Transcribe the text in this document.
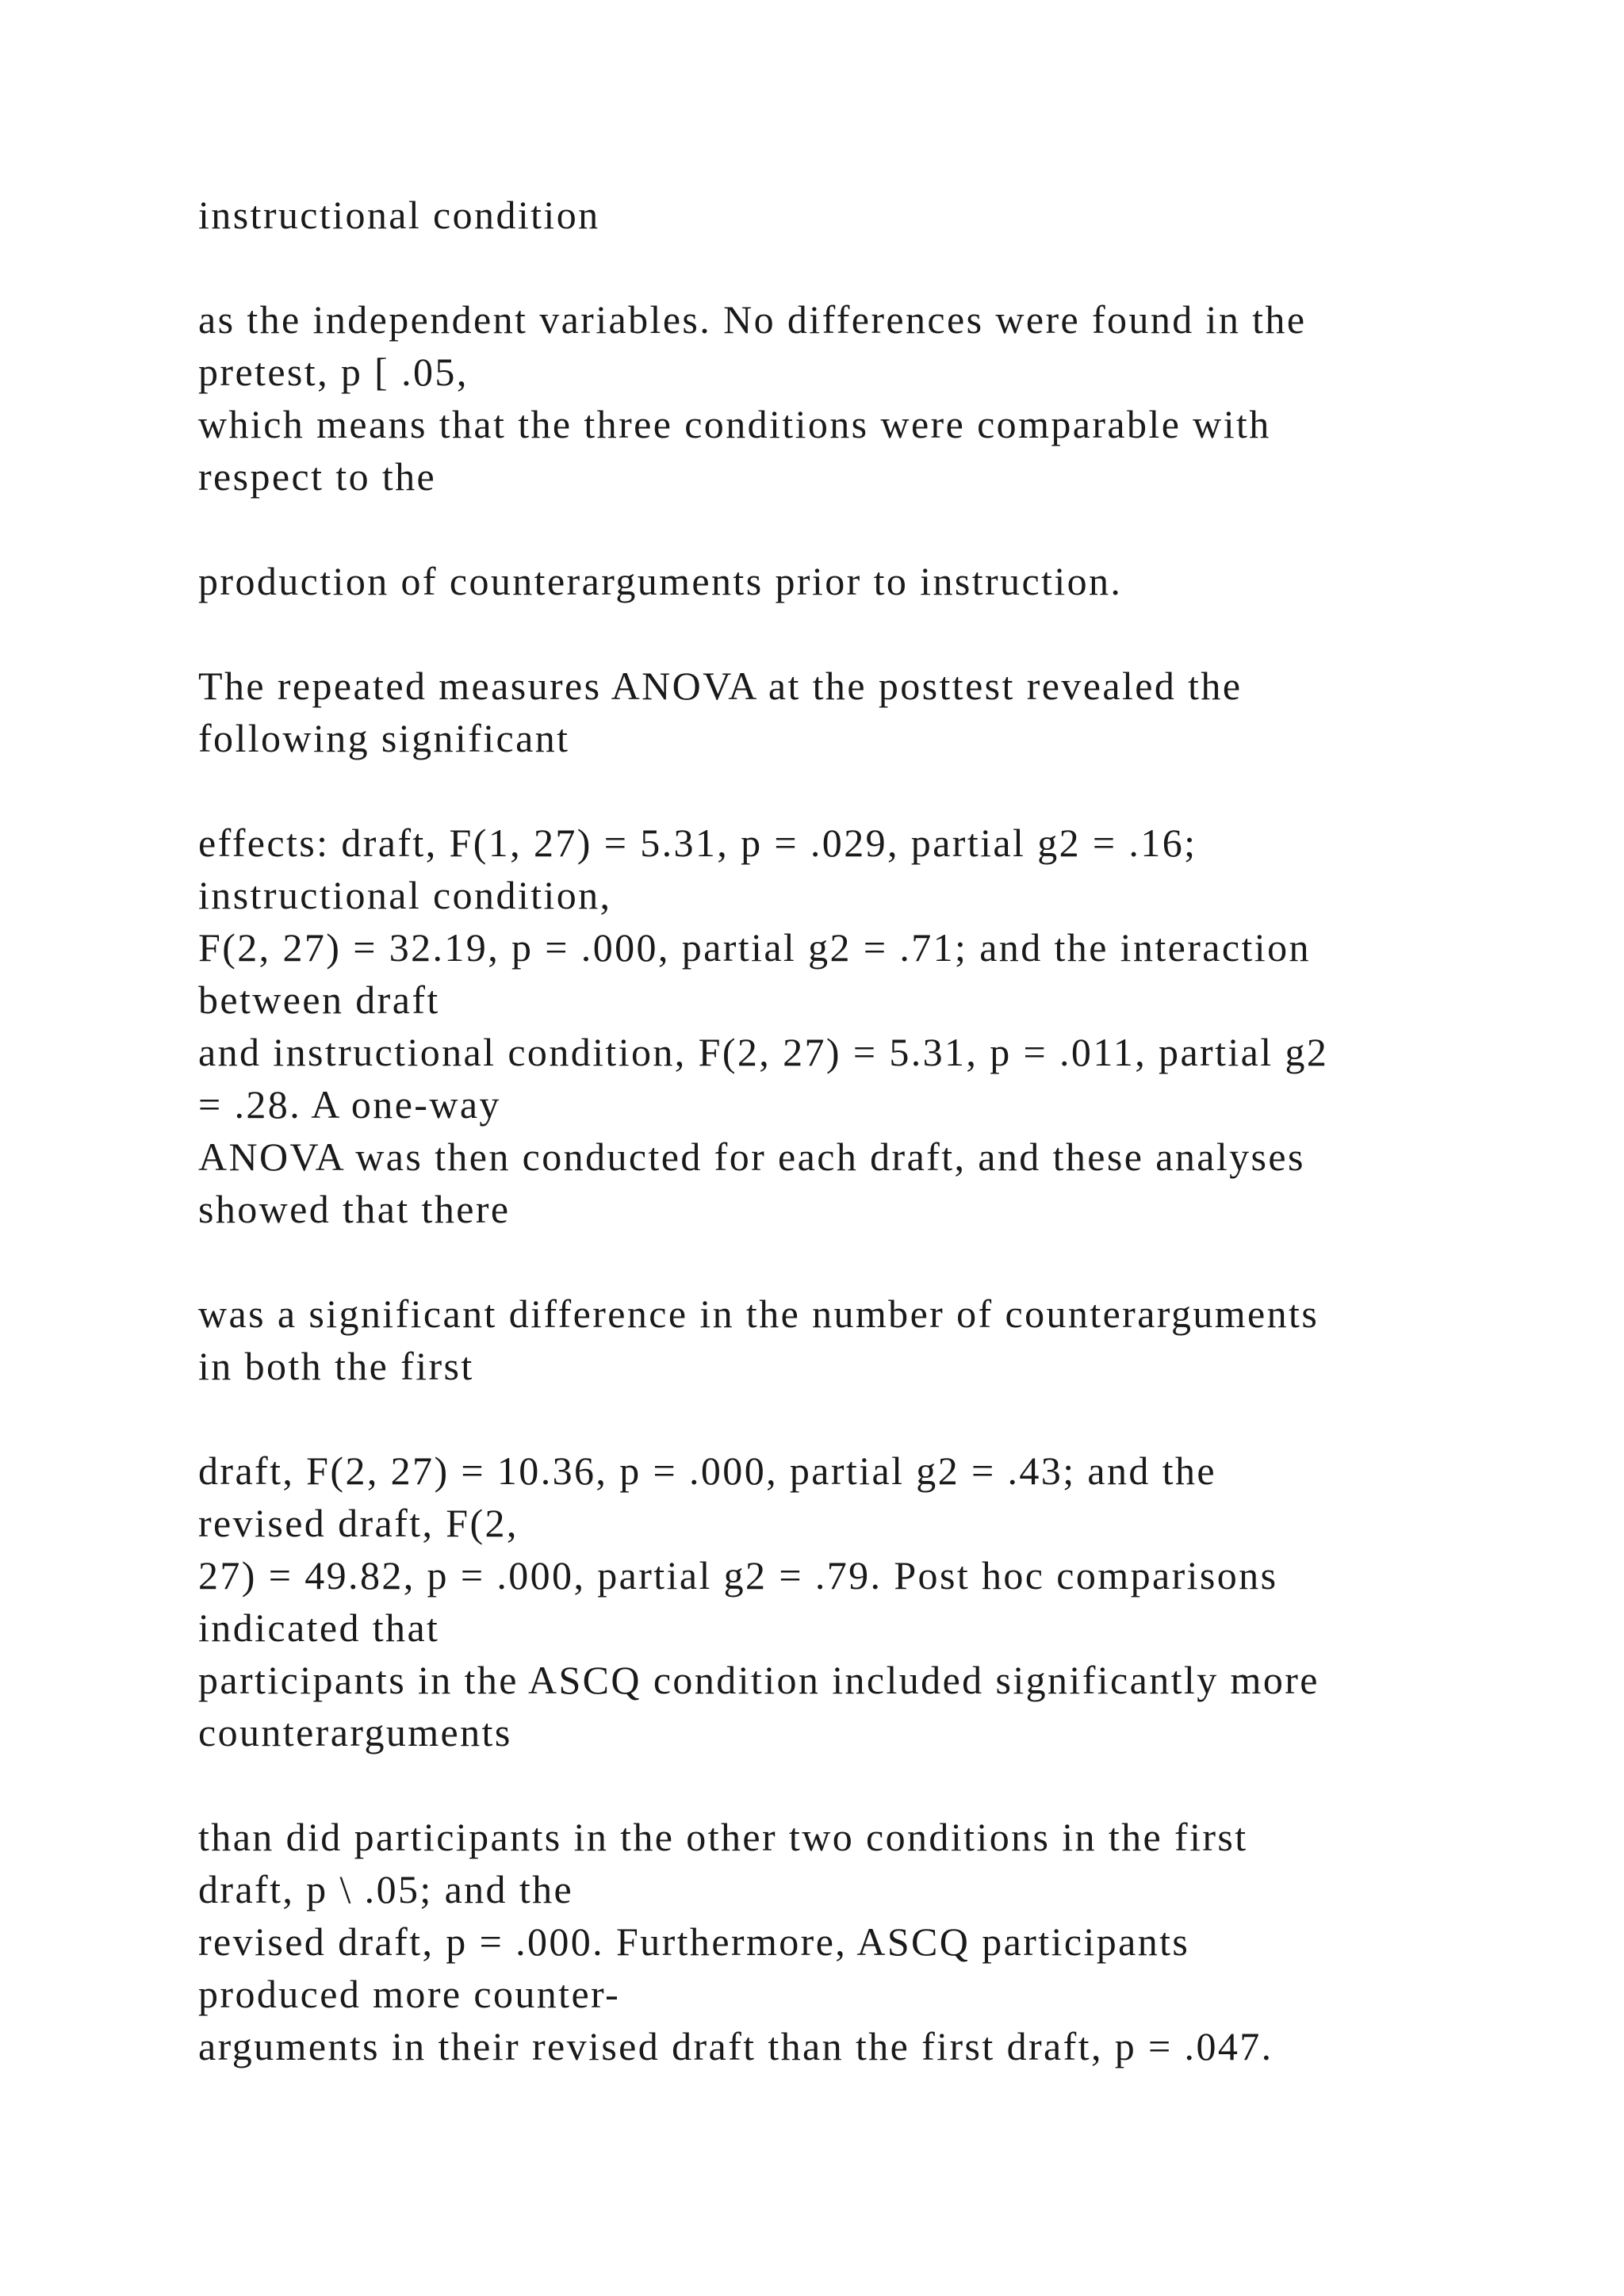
instructional condition
as the independent variables. No differences were found in the
pretest, p [ .05,
which means that the three conditions were comparable with
respect to the
production of counterarguments prior to instruction.
The repeated measures ANOVA at the posttest revealed the
following significant
effects: draft, F(1, 27) = 5.31, p = .029, partial g2 = .16;
instructional condition,
F(2, 27) = 32.19, p = .000, partial g2 = .71; and the interaction
between draft
and instructional condition, F(2, 27) = 5.31, p = .011, partial g2
= .28. A one-way
ANOVA was then conducted for each draft, and these analyses
showed that there
was a significant difference in the number of counterarguments
in both the first
draft, F(2, 27) = 10.36, p = .000, partial g2 = .43; and the
revised draft, F(2,
27) = 49.82, p = .000, partial g2 = .79. Post hoc comparisons
indicated that
participants in the ASCQ condition included significantly more
counterarguments
than did participants in the other two conditions in the first
draft, p \ .05; and the
revised draft, p = .000. Furthermore, ASCQ participants
produced more counter-
arguments in their revised draft than the first draft, p = .047.
